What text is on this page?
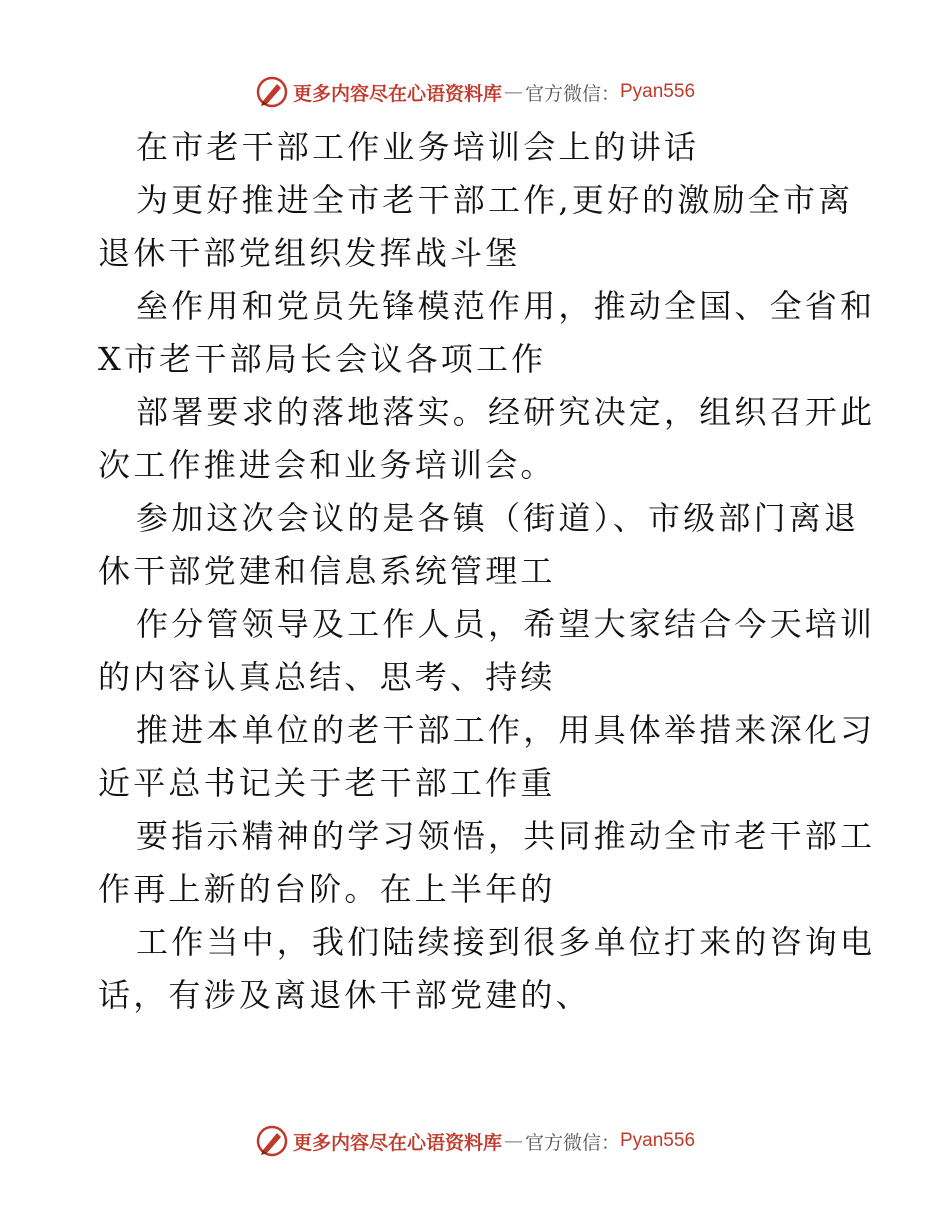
更多内容尽在心语资料库 — 官方微信： Pyan556
在市老干部工作业务培训会上的讲话
为更好推进全市老干部工作,更好的激励全市离
退休干部党组织发挥战斗堡
垒作用和党员先锋模范作用，推动全国、全省和
X市老干部局长会议各项工作
部署要求的落地落实。经研究决定，组织召开此
次工作推进会和业务培训会。
参加这次会议的是各镇（街道）、市级部门离退
休干部党建和信息系统管理工
作分管领导及工作人员，希望大家结合今天培训
的内容认真总结、思考、持续
推进本单位的老干部工作，用具体举措来深化习
近平总书记关于老干部工作重
要指示精神的学习领悟，共同推动全市老干部工
作再上新的台阶。在上半年的
工作当中，我们陆续接到很多单位打来的咨询电
话，有涉及离退休干部党建的、
更多内容尽在心语资料库 — 官方微信： Pyan556
